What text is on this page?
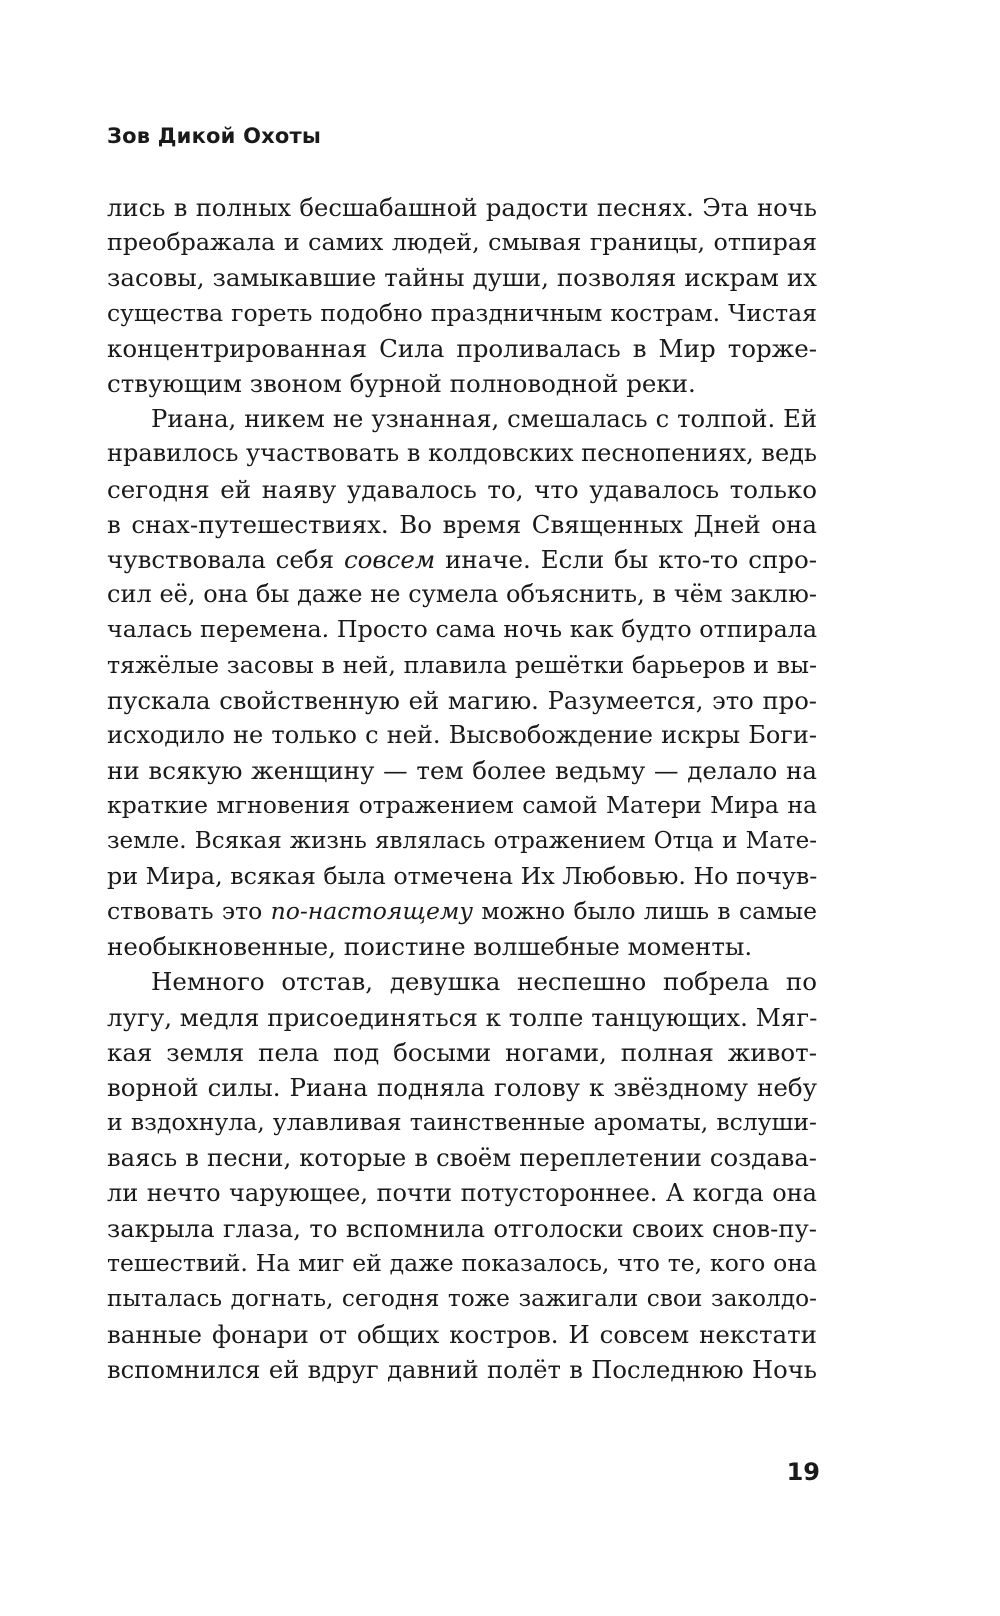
Зов Дикой Охоты
лись в полных бесшабашной радости песнях. Эта ночь
преображала и самих людей, смывая границы, отпирая
засовы, замыкавшие тайны души, позволяя искрам их
существа гореть подобно праздничным кострам. Чистая
концентрированная Сила проливалась в Мир торже-
ствующим звоном бурной полноводной реки.
Риана, никем не узнанная, смешалась с толпой. Ей
нравилось участвовать в колдовских песнопениях, ведь
сегодня ей наяву удавалось то, что удавалось только
в снах-путешествиях. Во время Священных Дней она
чувствовала себя совсем иначе. Если бы кто-то спро-
сил её, она бы даже не сумела объяснить, в чём заклю-
чалась перемена. Просто сама ночь как будто отпирала
тяжёлые засовы в ней, плавила решётки барьеров и вы-
пускала свойственную ей магию. Разумеется, это про-
исходило не только с ней. Высвобождение искры Боги-
ни всякую женщину — тем более ведьму — делало на
краткие мгновения отражением самой Матери Мира на
земле. Всякая жизнь являлась отражением Отца и Мате-
ри Мира, всякая была отмечена Их Любовью. Но почув-
ствовать это по-настоящему можно было лишь в самые
необыкновенные, поистине волшебные моменты.
Немного отстав, девушка неспешно побрела по
лугу, медля присоединяться к толпе танцующих. Мяг-
кая земля пела под босыми ногами, полная живот-
ворной силы. Риана подняла голову к звёздному небу
и вздохнула, улавливая таинственные ароматы, вслуши-
ваясь в песни, которые в своём переплетении создава-
ли нечто чарующее, почти потустороннее. А когда она
закрыла глаза, то вспомнила отголоски своих снов-пу-
тешествий. На миг ей даже показалось, что те, кого она
пыталась догнать, сегодня тоже зажигали свои заколдо-
ванные фонари от общих костров. И совсем некстати
вспомнился ей вдруг давний полёт в Последнюю Ночь
19
